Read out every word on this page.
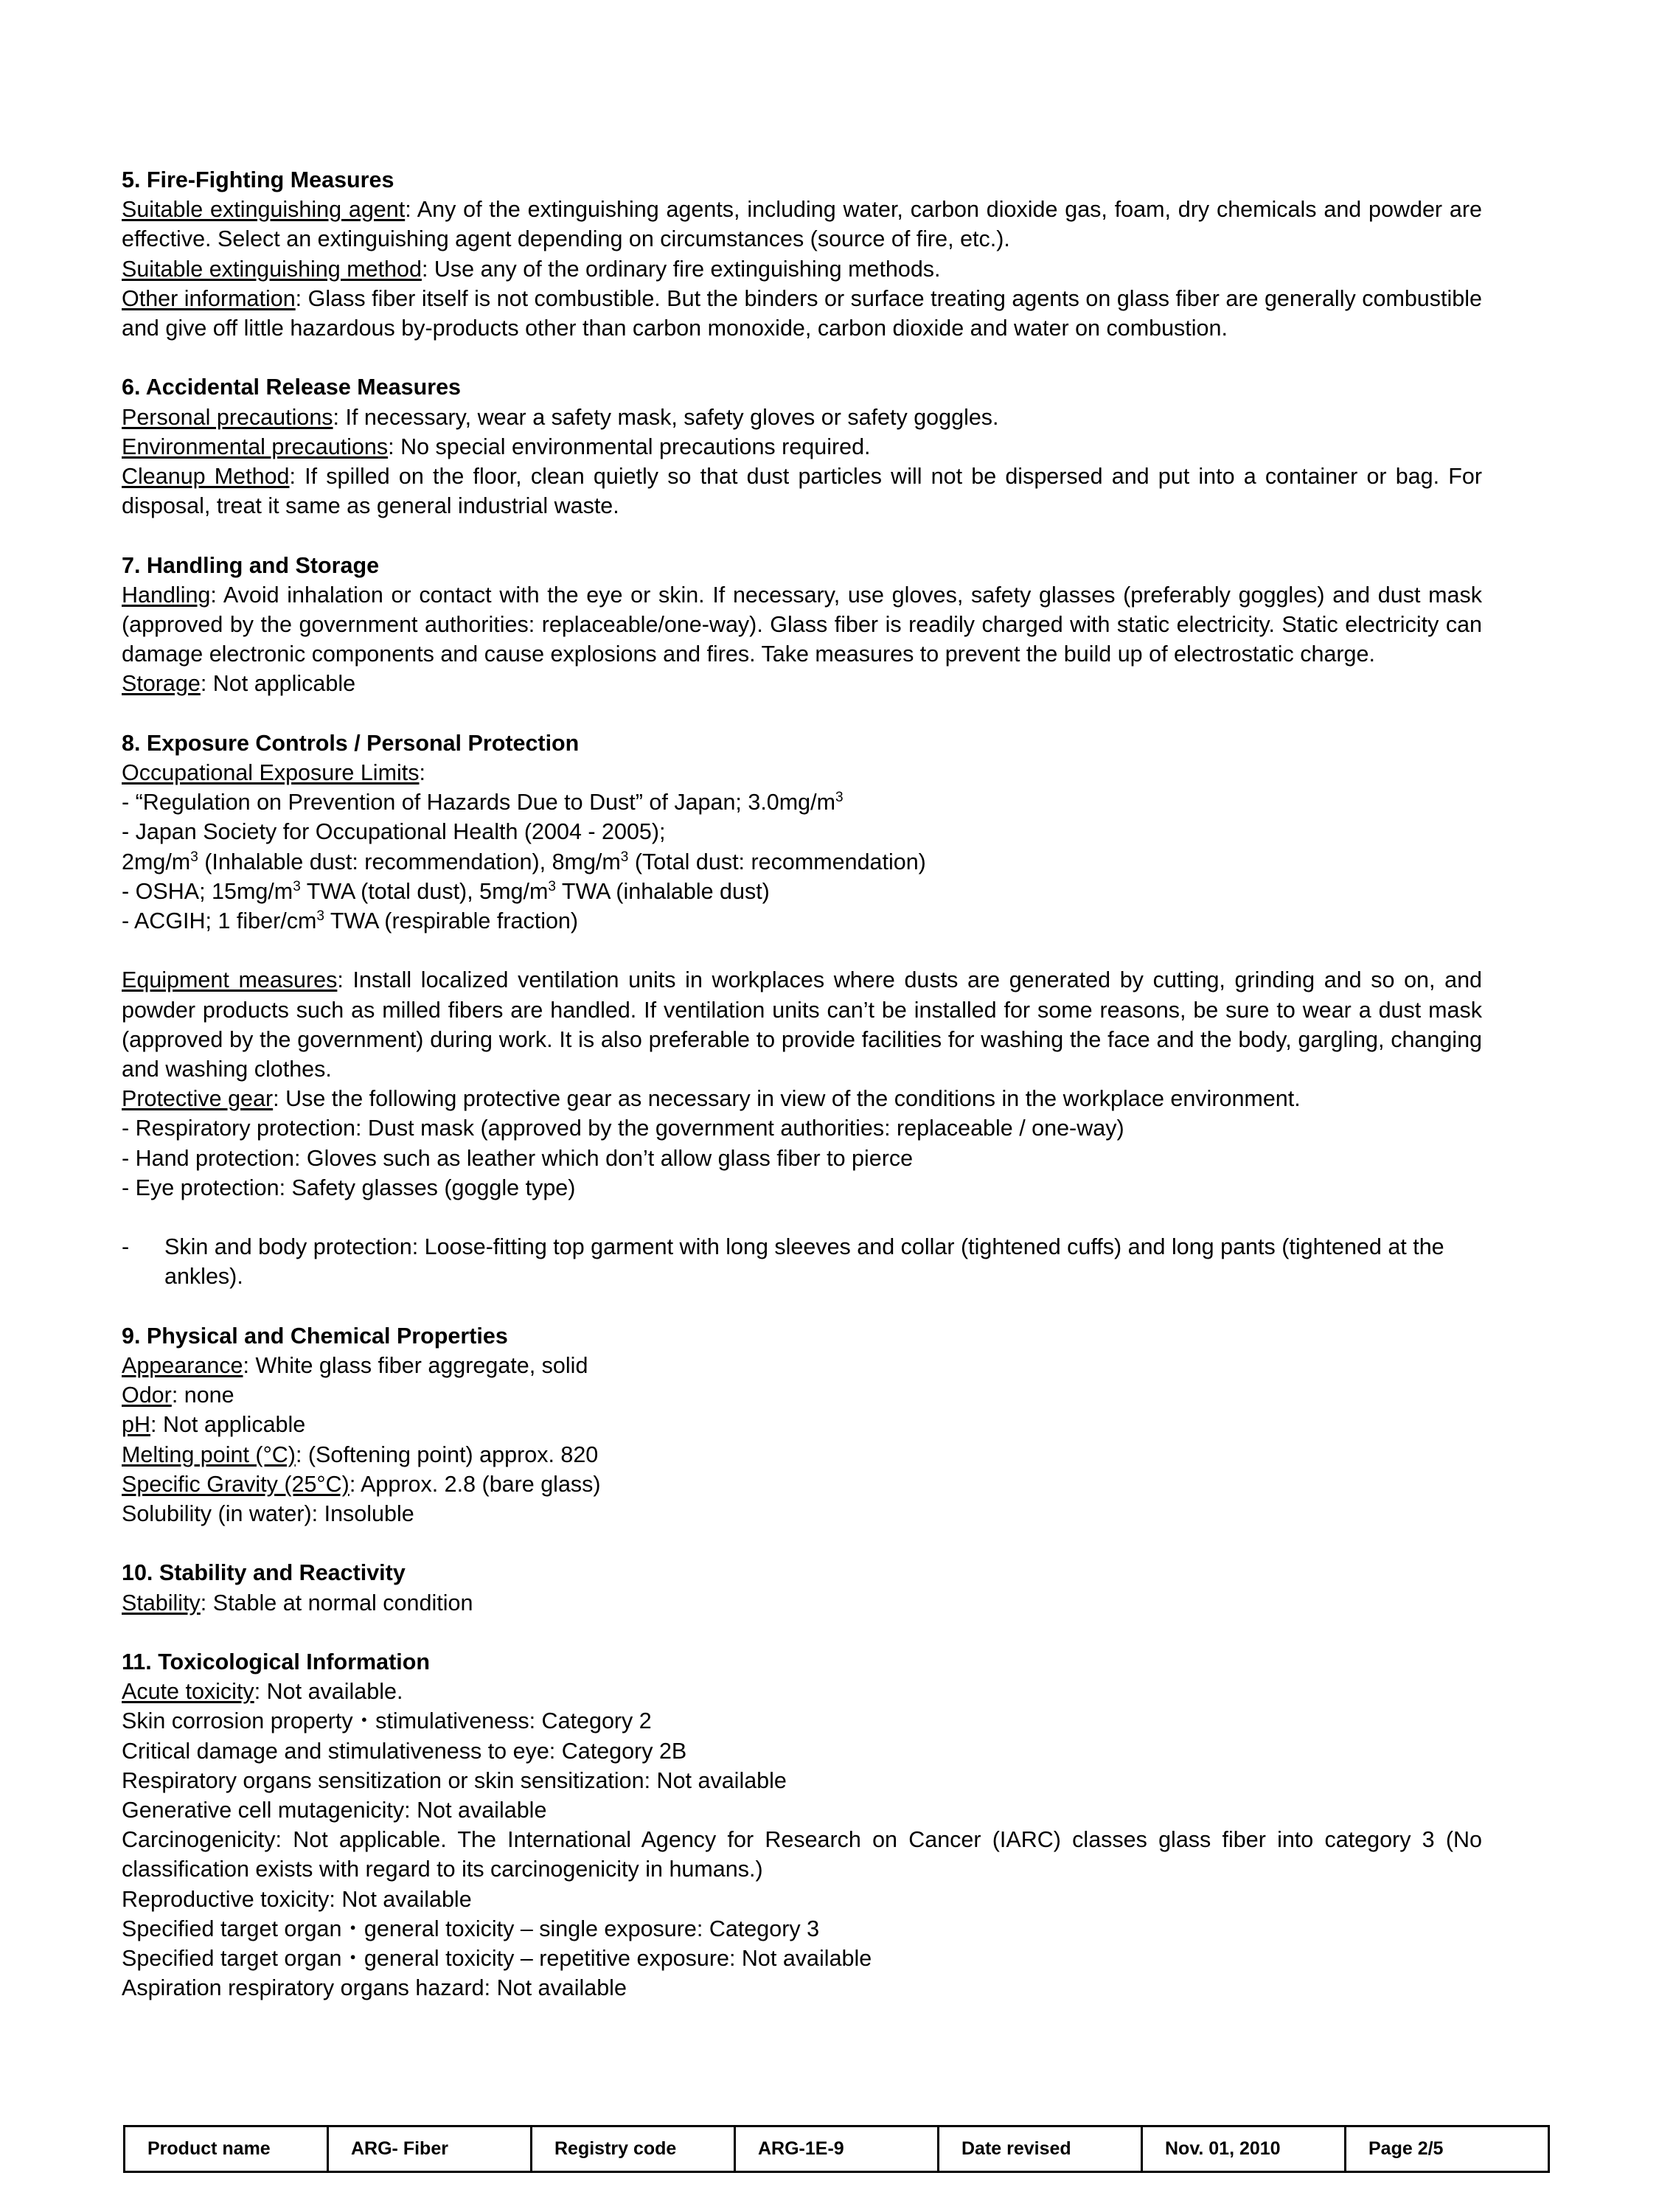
5. Fire-Fighting Measures

Suitable extinguishing agent: Any of the extinguishing agents, including water, carbon dioxide gas, foam, dry chemicals and powder are effective. Select an extinguishing agent depending on circumstances (source of fire, etc.).

Suitable extinguishing method: Use any of the ordinary fire extinguishing methods.

Other information: Glass fiber itself is not combustible. But the binders or surface treating agents on glass fiber are generally combustible and give off little hazardous by-products other than carbon monoxide, carbon dioxide and water on combustion.

6. Accidental Release Measures

Personal precautions: If necessary, wear a safety mask, safety gloves or safety goggles.

Environmental precautions: No special environmental precautions required.

Cleanup Method: If spilled on the floor, clean quietly so that dust particles will not be dispersed and put into a container or bag. For disposal, treat it same as general industrial waste.

7. Handling and Storage

Handling: Avoid inhalation or contact with the eye or skin. If necessary, use gloves, safety glasses (preferably goggles) and dust mask (approved by the government authorities: replaceable/one-way). Glass fiber is readily charged with static electricity. Static electricity can damage electronic components and cause explosions and fires. Take measures to prevent the build up of electrostatic charge.

Storage: Not applicable

8. Exposure Controls / Personal Protection

Occupational Exposure Limits:

- “Regulation on Prevention of Hazards Due to Dust” of Japan; $3.0mg/m^3$

- Japan Society for Occupational Health (2004 - 2005);

$2mg/m^3$ (Inhalable dust: recommendation), $8mg/m^3$ (Total dust: recommendation)

- OSHA; $15mg/m^3$ TWA (total dust), $5mg/m^3$ TWA (inhalable dust)

- ACGIH; 1 fiber/$cm^3$ TWA (respirable fraction)

Equipment measures: Install localized ventilation units in workplaces where dusts are generated by cutting, grinding and so on, and powder products such as milled fibers are handled. If ventilation units can’t be installed for some reasons, be sure to wear a dust mask (approved by the government) during work. It is also preferable to provide facilities for washing the face and the body, gargling, changing and washing clothes.

Protective gear: Use the following protective gear as necessary in view of the conditions in the workplace environment.

- Respiratory protection: Dust mask (approved by the government authorities: replaceable / one-way)

- Hand protection: Gloves such as leather which don’t allow glass fiber to pierce

- Eye protection: Safety glasses (goggle type)

-	Skin and body protection: Loose-fitting top garment with long sleeves and collar (tightened cuffs) and long pants (tightened at the ankles).

9. Physical and Chemical Properties

Appearance: White glass fiber aggregate, solid

Odor: none

pH: Not applicable

Melting point (°C): (Softening point) approx. 820

Specific Gravity (25°C): Approx. 2.8 (bare glass)

Solubility (in water): Insoluble

10. Stability and Reactivity

Stability: Stable at normal condition

11. Toxicological Information

Acute toxicity: Not available.

Skin corrosion property・stimulativeness: Category 2

Critical damage and stimulativeness to eye: Category 2B

Respiratory organs sensitization or skin sensitization: Not available

Generative cell mutagenicity: Not available

Carcinogenicity: Not applicable. The International Agency for Research on Cancer (IARC) classes glass fiber into category 3 (No classification exists with regard to its carcinogenicity in humans.)

Reproductive toxicity: Not available

Specified target organ・general toxicity – single exposure: Category 3

Specified target organ・general toxicity – repetitive exposure: Not available

Aspiration respiratory organs hazard: Not available

Product name	ARG- Fiber	Registry code	ARG-1E-9	Date revised	Nov. 01, 2010	Page 2/5
